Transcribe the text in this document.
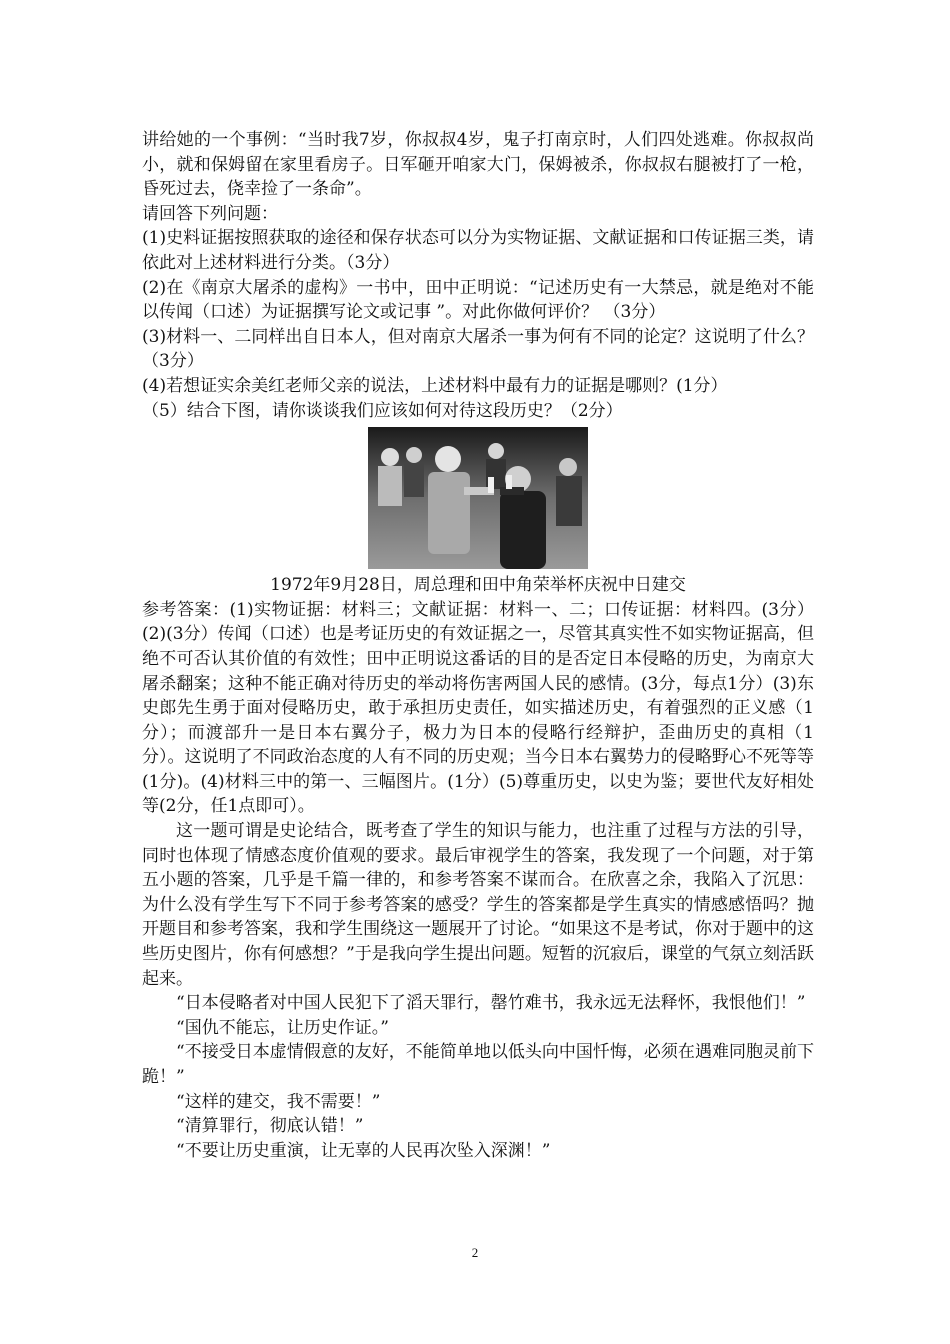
讲给她的一个事例：“当时我7岁，你叔叔4岁，鬼子打南京时，人们四处逃难。你叔叔尚小，就和保姆留在家里看房子。日军砸开咱家大门，保姆被杀，你叔叔右腿被打了一枪，昏死过去，侥幸捡了一条命”。

请回答下列问题：

(1)史料证据按照获取的途径和保存状态可以分为实物证据、文献证据和口传证据三类，请依此对上述材料进行分类。（3分）

(2)在《南京大屠杀的虚构》一书中，田中正明说：“记述历史有一大禁忌，就是绝对不能以传闻（口述）为证据撰写论文或记事 ”。对此你做何评价？ （3分）

(3)材料一、二同样出自日本人，但对南京大屠杀一事为何有不同的论定？这说明了什么？（3分）

(4)若想证实余美红老师父亲的说法，上述材料中最有力的证据是哪则？(1分）

（5）结合下图，请你谈谈我们应该如何对待这段历史？（2分）

1972年9月28日，周总理和田中角荣举杯庆祝中日建交

参考答案：(1)实物证据：材料三；文献证据：材料一、二；口传证据：材料四。(3分）(2)(3分）传闻（口述）也是考证历史的有效证据之一，尽管其真实性不如实物证据高，但绝不可否认其价值的有效性；田中正明说这番话的目的是否定日本侵略的历史，为南京大屠杀翻案；这种不能正确对待历史的举动将伤害两国人民的感情。(3分，每点1分）(3)东史郎先生勇于面对侵略历史，敢于承担历史责任，如实描述历史，有着强烈的正义感（1分）；而渡部升一是日本右翼分子，极力为日本的侵略行经辩护，歪曲历史的真相（1分）。这说明了不同政治态度的人有不同的历史观；当今日本右翼势力的侵略野心不死等等(1分)。(4)材料三中的第一、三幅图片。(1分）(5)尊重历史，以史为鉴；要世代友好相处等(2分，任1点即可）。

这一题可谓是史论结合，既考查了学生的知识与能力，也注重了过程与方法的引导，同时也体现了情感态度价值观的要求。最后审视学生的答案，我发现了一个问题，对于第五小题的答案，几乎是千篇一律的，和参考答案不谋而合。在欣喜之余，我陷入了沉思：为什么没有学生写下不同于参考答案的感受？学生的答案都是学生真实的情感感悟吗？抛开题目和参考答案，我和学生围绕这一题展开了讨论。“如果这不是考试，你对于题中的这些历史图片，你有何感想？”于是我向学生提出问题。短暂的沉寂后，课堂的气氛立刻活跃起来。

“日本侵略者对中国人民犯下了滔天罪行，罄竹难书，我永远无法释怀，我恨他们！”

“国仇不能忘，让历史作证。”

“不接受日本虚情假意的友好，不能简单地以低头向中国忏悔，必须在遇难同胞灵前下跪！”

“这样的建交，我不需要！”

“清算罪行，彻底认错！”

“不要让历史重演，让无辜的人民再次坠入深渊！”

2
